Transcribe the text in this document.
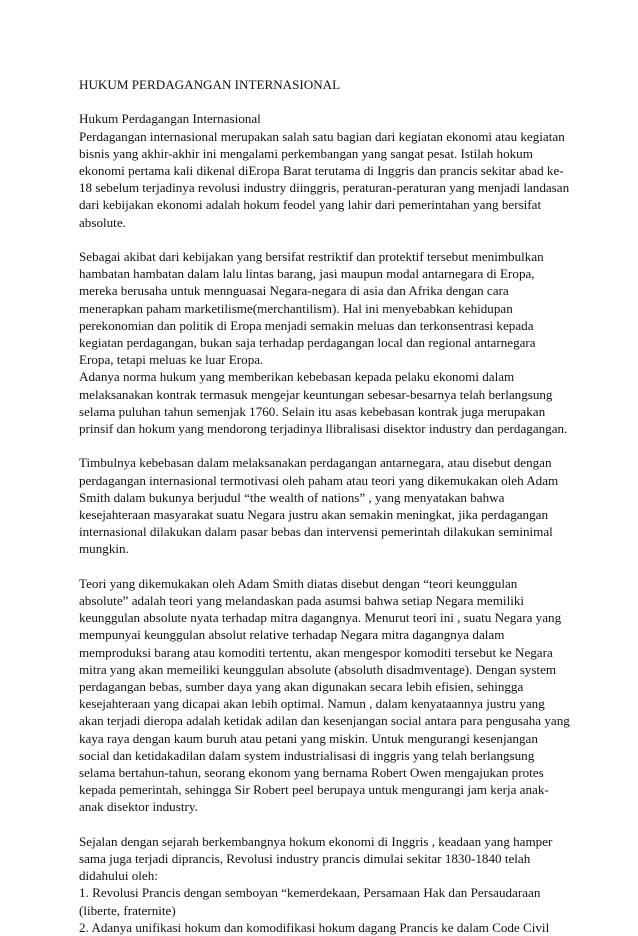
HUKUM PERDAGANGAN INTERNASIONAL
Hukum Perdagangan Internasional
Perdagangan internasional merupakan salah satu bagian dari kegiatan ekonomi atau kegiatan
bisnis yang akhir-akhir ini mengalami perkembangan yang sangat pesat. Istilah hokum
ekonomi pertama kali dikenal diEropa Barat terutama di Inggris dan prancis sekitar abad ke-
18 sebelum terjadinya revolusi industry diinggris, peraturan-peraturan yang menjadi landasan
dari kebijakan ekonomi adalah hokum feodel yang lahir dari pemerintahan yang bersifat
absolute.
Sebagai akibat dari kebijakan yang bersifat restriktif dan protektif tersebut menimbulkan
hambatan hambatan dalam lalu lintas barang, jasi maupun modal antarnegara di Eropa,
mereka berusaha untuk mennguasai Negara-negara di asia dan Afrika dengan cara
menerapkan paham marketilisme(merchantilism). Hal ini menyebabkan kehidupan
perekonomian dan politik di Eropa menjadi semakin meluas dan terkonsentrasi kepada
kegiatan perdagangan, bukan saja terhadap perdagangan local dan regional antarnegara
Eropa, tetapi meluas ke luar Eropa.
Adanya norma hukum yang memberikan kebebasan kepada pelaku ekonomi dalam
melaksanakan kontrak termasuk mengejar keuntungan sebesar-besarnya telah berlangsung
selama puluhan tahun semenjak 1760. Selain itu asas kebebasan kontrak juga merupakan
prinsif dan hokum yang mendorong terjadinya llibralisasi disektor industry dan perdagangan.
Timbulnya kebebasan dalam melaksanakan perdagangan antarnegara, atau disebut dengan
perdagangan internasional termotivasi oleh paham atau teori yang dikemukakan oleh Adam
Smith dalam bukunya berjudul “the wealth of nations” , yang menyatakan bahwa
kesejahteraan masyarakat suatu Negara justru akan semakin meningkat, jika perdagangan
internasional dilakukan dalam pasar bebas dan intervensi pemerintah dilakukan seminimal
mungkin.
Teori yang dikemukakan oleh Adam Smith diatas disebut dengan “teori keunggulan
absolute” adalah teori yang melandaskan pada asumsi bahwa setiap Negara memiliki
keunggulan absolute nyata terhadap mitra dagangnya. Menurut teori ini , suatu Negara yang
mempunyai keunggulan absolut relative terhadap Negara mitra dagangnya dalam
memproduksi barang atau komoditi tertentu, akan mengespor komoditi tersebut ke Negara
mitra yang akan memeiliki keunggulan absolute (absoluth disadmventage). Dengan system
perdagangan bebas, sumber daya yang akan digunakan secara lebih efisien, sehingga
kesejahteraan yang dicapai akan lebih optimal. Namun , dalam kenyataannya justru yang
akan terjadi dieropa adalah ketidak adilan dan kesenjangan social antara para pengusaha yang
kaya raya dengan kaum buruh atau petani yang miskin. Untuk mengurangi kesenjangan
social dan ketidakadilan dalam system industrialisasi di inggris yang telah berlangsung
selama bertahun-tahun, seorang ekonom yang bernama Robert Owen mengajukan protes
kepada pemerintah, sehingga Sir Robert peel berupaya untuk mengurangi jam kerja anak-
anak disektor industry.
Sejalan dengan sejarah berkembangnya hokum ekonomi di Inggris , keadaan yang hamper
sama juga terjadi diprancis, Revolusi industry prancis dimulai sekitar 1830-1840 telah
didahului oleh:
1. Revolusi Prancis dengan semboyan “kemerdekaan, Persamaan Hak dan Persaudaraan
(liberte, fraternite)
2. Adanya unifikasi hokum dan komodifikasi hokum dagang Prancis ke dalam Code Civil
